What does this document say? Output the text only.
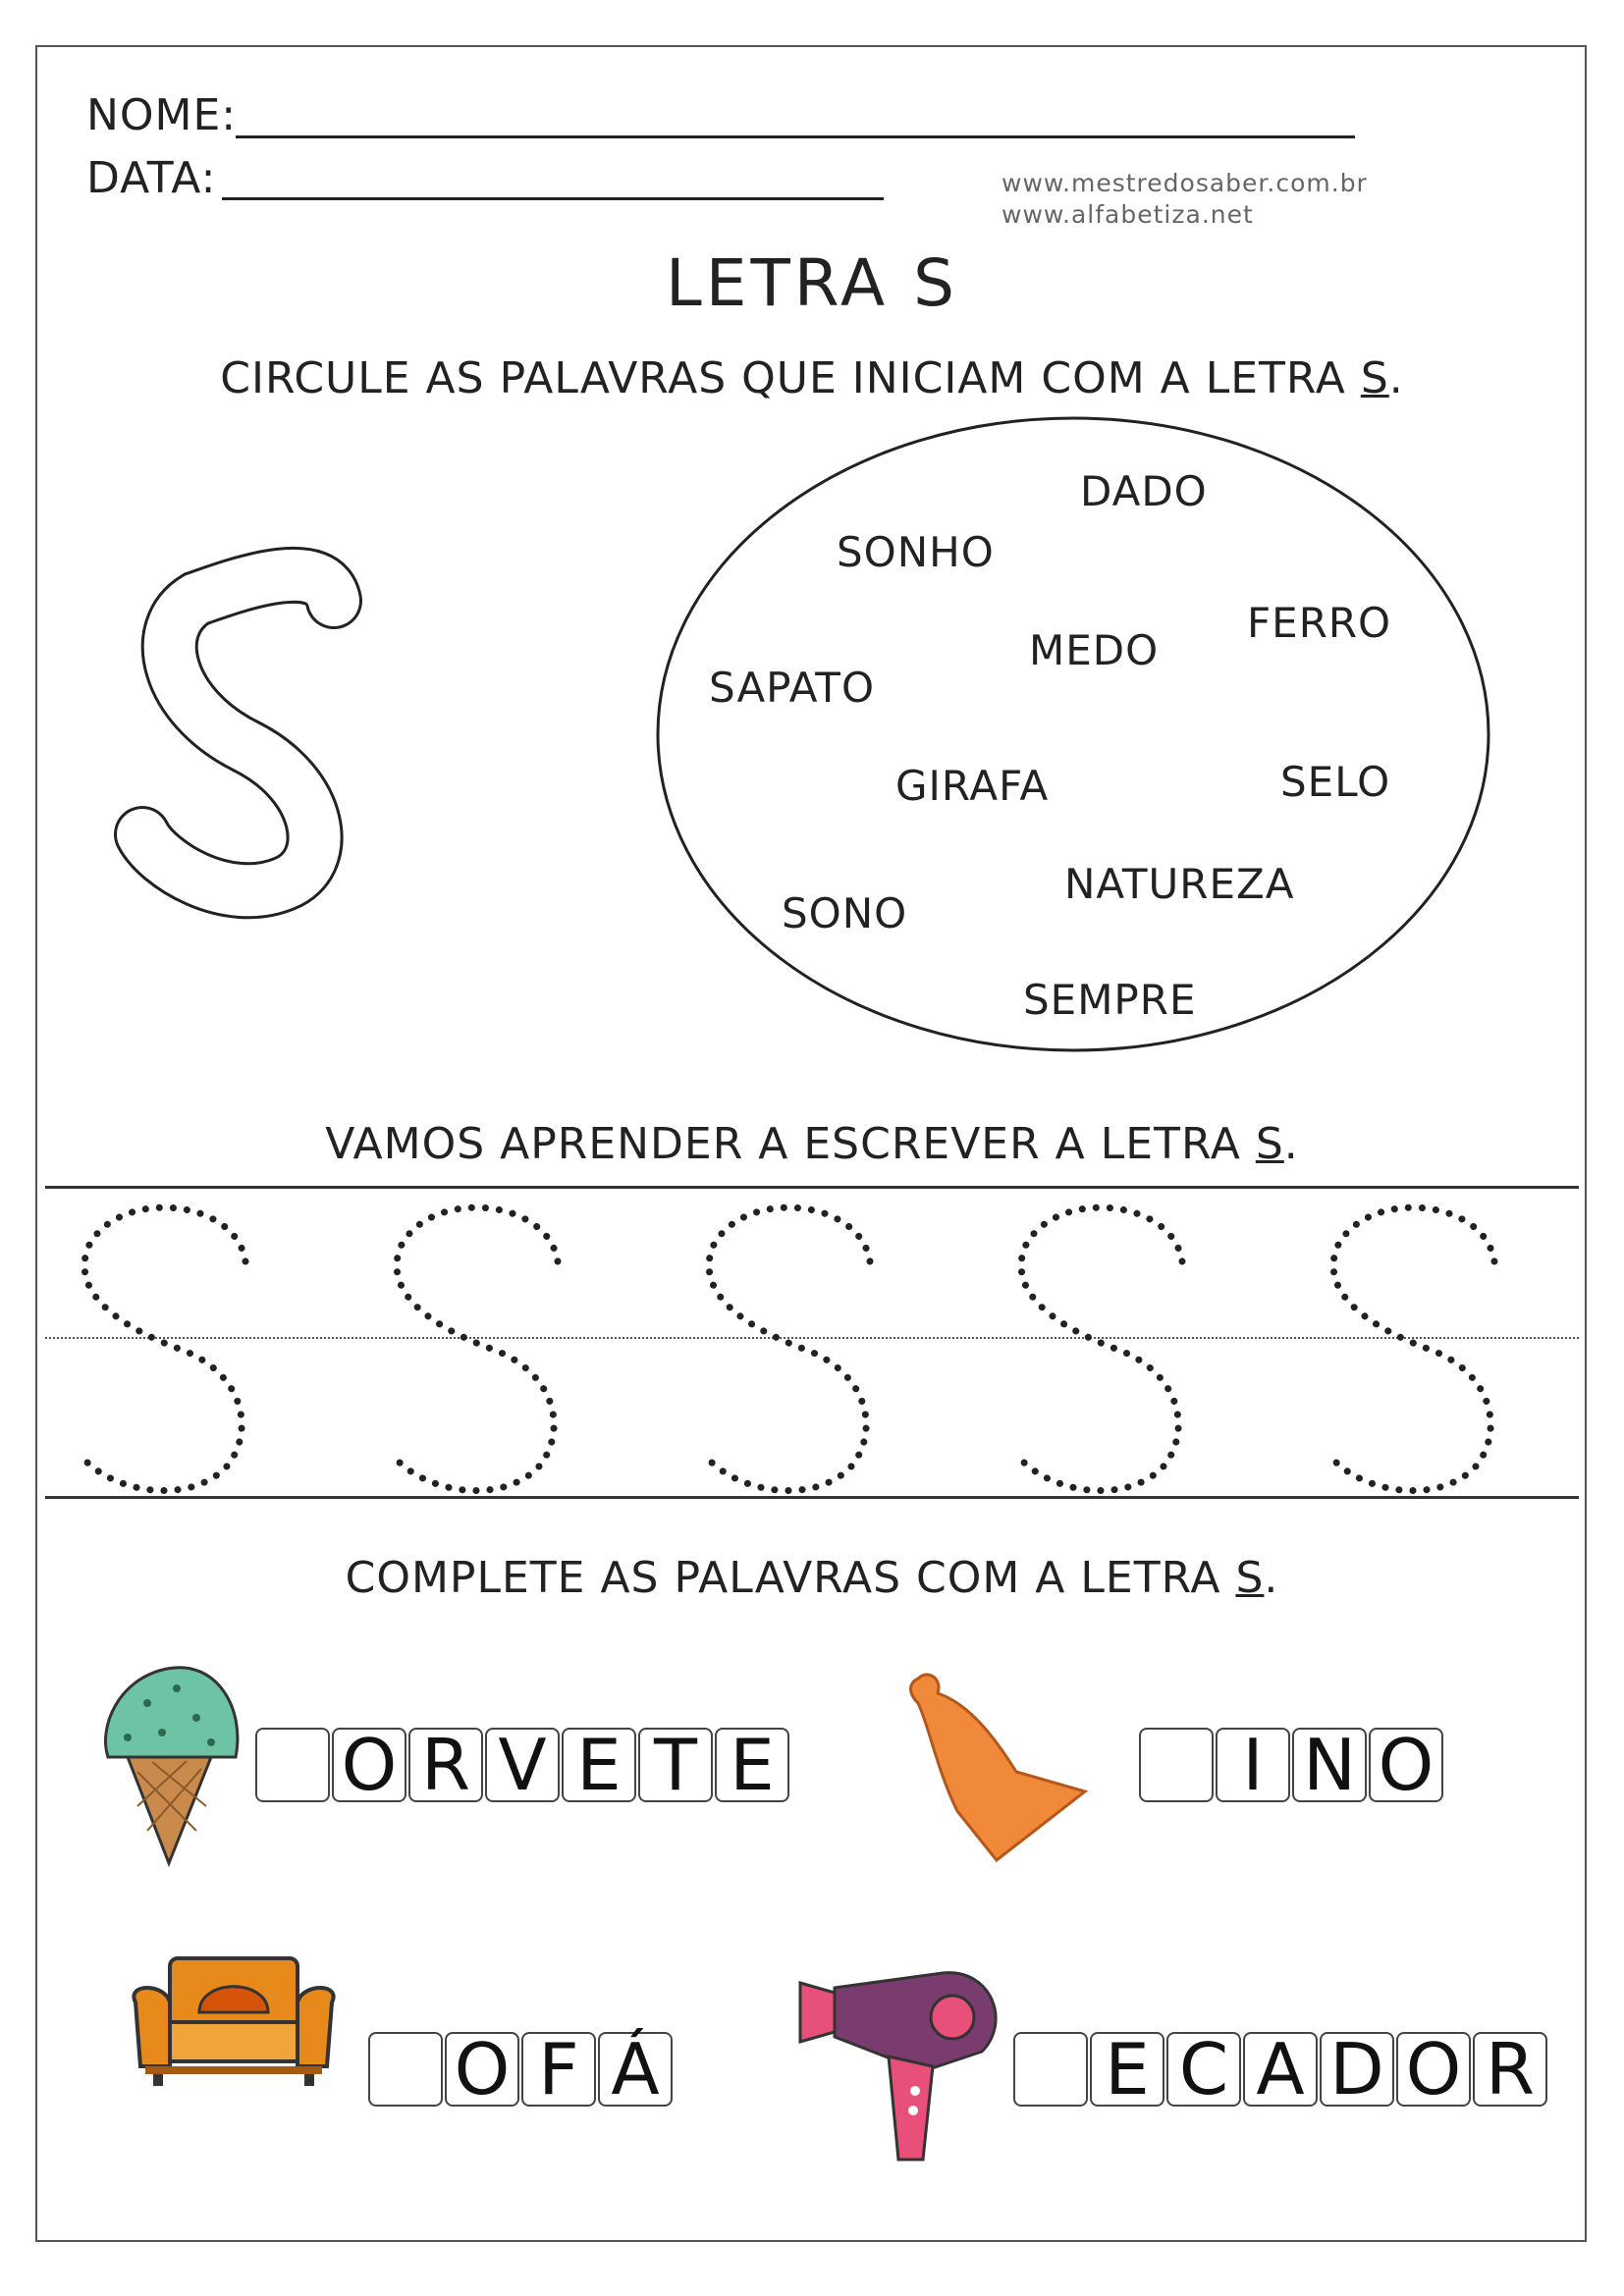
NOME:
DATA:	www.mestredosaber.com.br
www.alfabetiza.net
LETRA S
CIRCULE AS PALAVRAS QUE INICIAM COM A LETRA S.
DADO
SONHO
FERRO
MEDO
SAPATO
GIRAFA	SELO
NATUREZA
SONO
SEMPRE
VAMOS APRENDER A ESCREVER A LETRA S.
COMPLETE AS PALAVRAS COM A LETRA S.
O R V E T E	I N O
O F Á	E C A D O R
